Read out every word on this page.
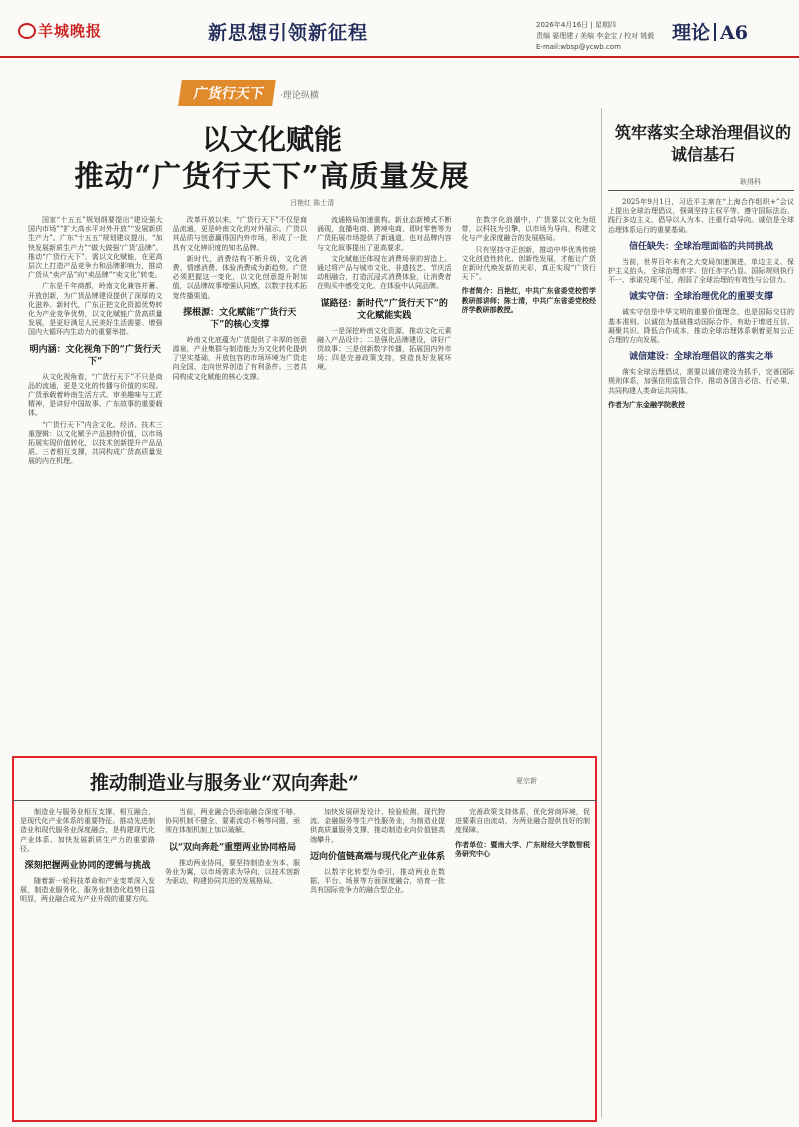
羊城晚报	新思想引领新征程	2026年4月16日 | 星期四
责编 晏理建 / 美编 李金宝 / 校对 姚毅
E-mail:wbsp@ycwb.com
理论 A6
广货行天下 ·理论纵横
以文化赋能
推动“广货行天下”高质量发展
吕艳红 陈士清

国家“十五五”规划纲要提出“建设强大国内市场”“扩大高水平对外开放”“发展新质生产力”。广东“十五五”规划建议提出，“加快发展新质生产力”“做大做强‘广货’品牌”。推动“广货行天下”，需以文化赋能，在更高层次上打造产品竞争力和品牌影响力，推动广货从“卖产品”向“卖品牌”“卖文化”转变。

广东是千年商都，岭南文化兼容并蓄、开放创新，为广货品牌建设提供了深厚的文化滋养。新时代，广东正把文化资源优势转化为产业竞争优势，以文化赋能广货高质量发展，是更好满足人民美好生活需要、增强国内大循环内生动力的重要举措。

明内涵：文化视角下的“广货行天下”

从文化视角看，“广货行天下”不只是商品的流通，更是文化的传播与价值的实现。广货承载着岭南生活方式、审美趣味与工匠精神，是讲好中国故事、广东故事的重要载体。

“广货行天下”内含文化、经济、技术三重逻辑：以文化赋予产品独特价值，以市场拓展实现价值转化，以技术创新提升产品品质。三者相互支撑，共同构成广货高质量发展的内在机理。

改革开放以来，“广货行天下”不仅是商品流通，更是岭南文化的对外展示。广货以其品质与创意赢得国内外市场，形成了一批具有文化辨识度的知名品牌。

新时代，消费结构不断升级，文化消费、情感消费、体验消费成为新趋势。广货必须把握这一变化，以文化创意提升附加值，以品牌故事增强认同感，以数字技术拓宽传播渠道。

探根源：文化赋能“广货行天下”的核心支撑

岭南文化底蕴为广货提供了丰厚的创意源泉，产业集群与制造能力为文化转化提供了坚实基础，开放包容的市场环境为广货走向全国、走向世界创造了有利条件。三者共同构成文化赋能的核心支撑。

流通格局加速重构。新业态新模式不断涌现，直播电商、跨境电商、即时零售等为广货拓展市场提供了新通道，也对品牌内容与文化叙事提出了更高要求。

文化赋能还体现在消费场景的营造上。通过将产品与城市文化、非遗技艺、节庆活动相融合，打造沉浸式消费体验，让消费者在购买中感受文化、在体验中认同品牌。

谋路径：新时代“广货行天下”的文化赋能实践

一是深挖岭南文化资源，推动文化元素融入产品设计；二是强化品牌建设，讲好广货故事；三是创新数字传播，拓展国内外市场；四是完善政策支持，营造良好发展环境。

在数字化浪潮中，广货要以文化为纽带，以科技为引擎，以市场为导向，构建文化与产业深度融合的发展格局。

只有坚持守正创新，推动中华优秀传统文化创造性转化、创新性发展，才能让广货在新时代焕发新的光彩，真正实现“广货行天下”。

作者简介：吕艳红，中共广东省委党校哲学教研部讲师；陈士清，中共广东省委党校经济学教研部教授。
筑牢落实全球治理倡议的
诚信基石
耿得科

2025年9月1日，习近平主席在“上海合作组织+”会议上提出全球治理倡议，强调坚持主权平等、遵守国际法治、践行多边主义、倡导以人为本、注重行动导向。诚信是全球治理体系运行的重要基础。

信任缺失：全球治理面临的共同挑战

当前，世界百年未有之大变局加速演进，单边主义、保护主义抬头，全球治理赤字、信任赤字凸显。国际规则执行不一、承诺兑现不足，削弱了全球治理的有效性与公信力。

诚实守信：全球治理优化的重要支撑

诚实守信是中华文明的重要价值理念，也是国际交往的基本准则。以诚信为基础推动国际合作，有助于增进互信、凝聚共识、降低合作成本，推动全球治理体系朝着更加公正合理的方向发展。

诚信建设：全球治理倡议的落实之举

落实全球治理倡议，需要以诚信建设为抓手，完善国际规则体系，加强信用监管合作，推动各国言必信、行必果，共同构建人类命运共同体。

作者为广东金融学院教授
推动制造业与服务业“双向奔赴”	夏宗新

制造业与服务业相互支撑、相互融合，是现代化产业体系的重要特征。推动先进制造业和现代服务业深度融合，是构建现代化产业体系、加快发展新质生产力的重要路径。

深刻把握两业协同的逻辑与挑战

随着新一轮科技革命和产业变革深入发展，制造业服务化、服务业制造化趋势日益明显，两业融合成为产业升级的重要方向。

当前，两业融合仍面临融合深度不够、协同机制不健全、要素流动不畅等问题，亟须在体制机制上加以破解。

以“双向奔赴”重塑两业协同格局

推动两业协同，要坚持制造业为本、服务业为翼，以市场需求为导向，以技术创新为驱动，构建协同共进的发展格局。

加快发展研发设计、检验检测、现代物流、金融服务等生产性服务业，为制造业提供高质量服务支撑，推动制造业向价值链高端攀升。

迈向价值链高端与现代化产业体系

以数字化转型为牵引，推动两业在数据、平台、场景等方面深度融合，培育一批具有国际竞争力的融合型企业。

完善政策支持体系，优化营商环境，促进要素自由流动，为两业融合提供良好的制度保障。

作者单位：暨南大学、广东财经大学数智税务研究中心
